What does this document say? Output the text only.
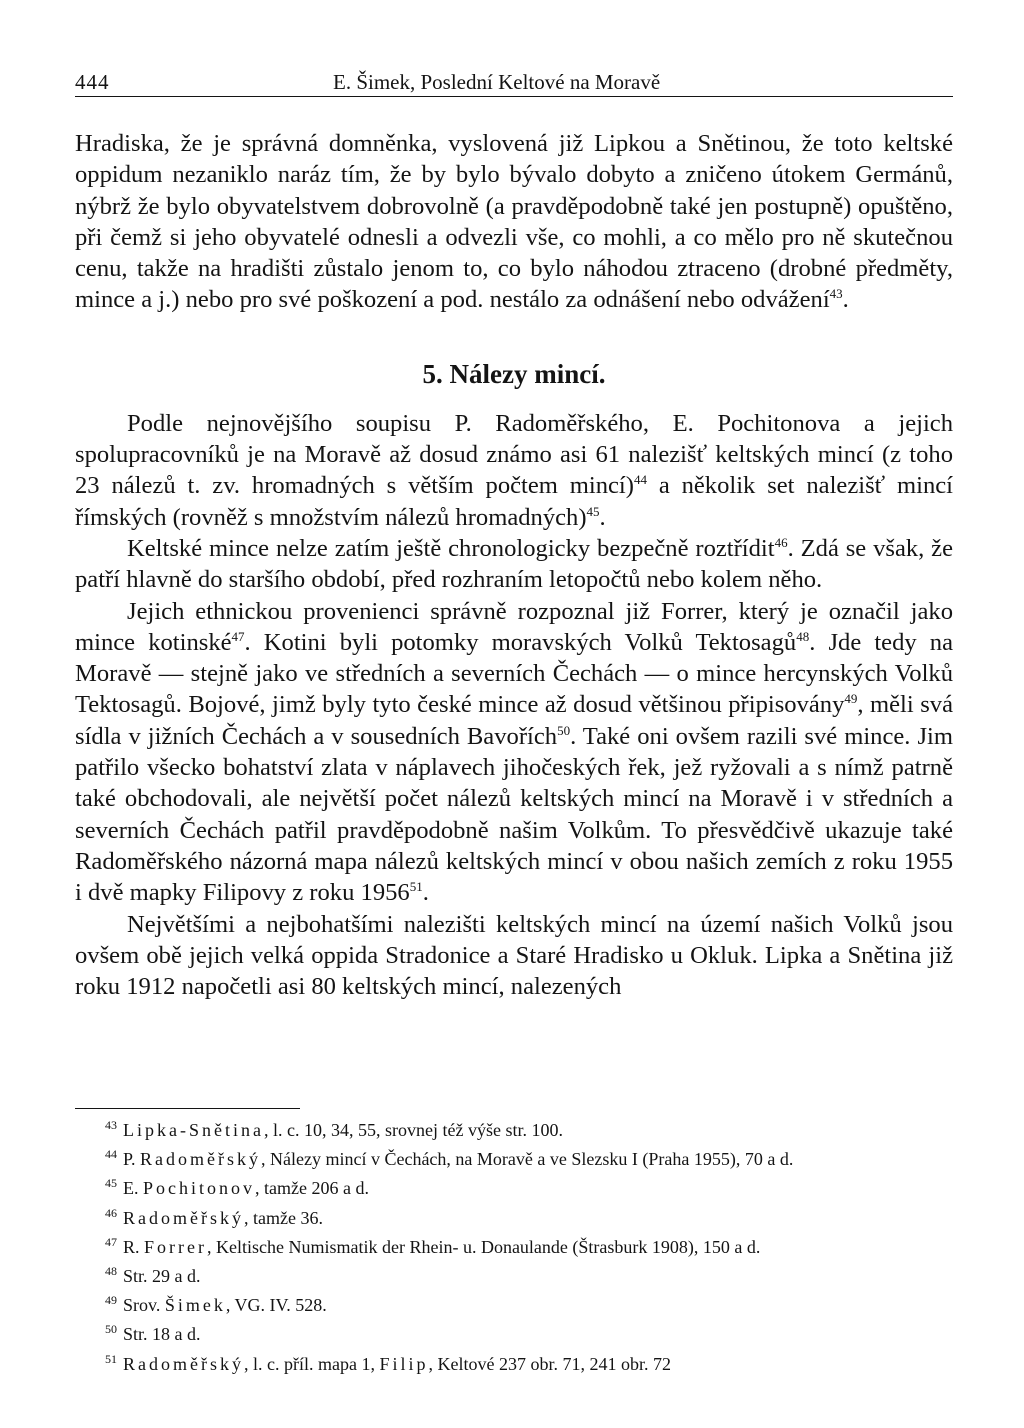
444	E. Šimek, Poslední Keltové na Moravě

Hradiska, že je správná domněnka, vyslovená již Lipkou a Snětinou, že toto keltské oppidum nezaniklo naráz tím, že by bylo bývalo dobyto a zničeno útokem Germánů, nýbrž že bylo obyvatelstvem dobrovolně (a pravděpodobně také jen postupně) opuštěno, při čemž si jeho obyvatelé odnesli a odvezli vše, co mohli, a co mělo pro ně skutečnou cenu, takže na hradišti zůstalo jenom to, co bylo náhodou ztraceno (drobné předměty, mince a j.) nebo pro své poškození a pod. nestálo za odnášení nebo odvážení$^{43}$.

5. Nálezy mincí.

Podle nejnovějšího soupisu P. Radoměřského, E. Pochitonova a jejich spolupracovníků je na Moravě až dosud známo asi 61 nalezišť keltských mincí (z toho 23 nálezů t. zv. hromadných s větším počtem mincí)$^{44}$ a několik set nalezišť mincí římských (rovněž s množstvím nálezů hromadných)$^{45}$.

Keltské mince nelze zatím ještě chronologicky bezpečně roztřídit$^{46}$. Zdá se však, že patří hlavně do staršího období, před rozhraním letopočtů nebo kolem něho.

Jejich ethnickou provenienci správně rozpoznal již Forrer, který je označil jako mince kotinské$^{47}$. Kotini byli potomky moravských Volků Tektosagů$^{48}$. Jde tedy na Moravě — stejně jako ve středních a severních Čechách — o mince hercynských Volků Tektosagů. Bojové, jimž byly tyto české mince až dosud většinou připisovány$^{49}$, měli svá sídla v jižních Čechách a v sousedních Bavořích$^{50}$. Také oni ovšem razili své mince. Jim patřilo všecko bohatství zlata v náplavech jihočeských řek, jež ryžovali a s nímž patrně také obchodovali, ale největší počet nálezů keltských mincí na Moravě i v středních a severních Čechách patřil pravděpodobně našim Volkům. To přesvědčivě ukazuje také Radoměřského názorná mapa nálezů keltských mincí v obou našich zemích z roku 1955 i dvě mapky Filipovy z roku 1956$^{51}$.

Největšími a nejbohatšími nalezišti keltských mincí na území našich Volků jsou ovšem obě jejich velká oppida Stradonice a Staré Hradisko u Okluk. Lipka a Snětina již roku 1912 napočetli asi 80 keltských mincí, nalezených

$^{43}$ Lipka-Snětina, l. c. 10, 34, 55, srovnej též výše str. 100.
$^{44}$ P. Radoměřský, Nálezy mincí v Čechách, na Moravě a ve Slezsku I (Praha 1955), 70 a d.
$^{45}$ E. Pochitonov, tamže 206 a d.
$^{46}$ Radoměřský, tamže 36.
$^{47}$ R. Forrer, Keltische Numismatik der Rhein- u. Donaulande (Štrasburk 1908), 150 a d.
$^{48}$ Str. 29 a d.
$^{49}$ Srov. Šimek, VG. IV. 528.
$^{50}$ Str. 18 a d.
$^{51}$ Radoměřský, l. c. příl. mapa 1, Filip, Keltové 237 obr. 71, 241 obr. 72
